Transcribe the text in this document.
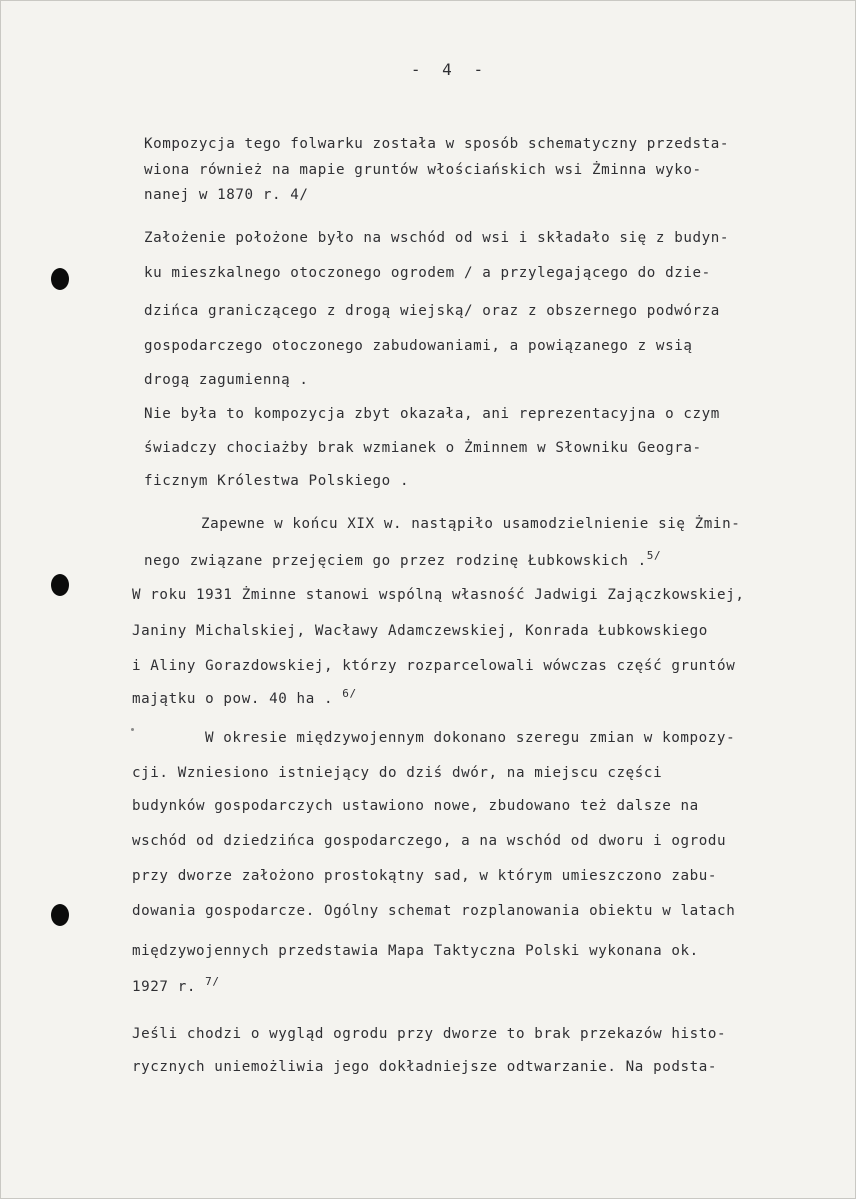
- 4 -
Kompozycja tego folwarku została w sposób schematyczny przedsta-
wiona również na mapie gruntów włościańskich wsi Żminna wyko-
nanej w 1870 r. 4/
Założenie położone było na wschód od wsi i składało się z budyn-
ku mieszkalnego otoczonego ogrodem / a przylegającego do dzie-
dzińca graniczącego z drogą wiejską/ oraz z obszernego podwórza
gospodarczego otoczonego zabudowaniami, a powiązanego z wsią
drogą zagumienną .
Nie była to kompozycja zbyt okazała, ani reprezentacyjna o czym
świadczy chociażby brak wzmianek o Żminnem w Słowniku Geogra-
ficznym Królestwa Polskiego .
Zapewne w końcu XIX w. nastąpiło usamodzielnienie się Żmin-
nego związane przejęciem go przez rodzinę Łubkowskich .$^{5/}$
W roku 1931 Żminne stanowi wspólną własność Jadwigi Zajączkowskiej,
Janiny Michalskiej, Wacławy Adamczewskiej, Konrada Łubkowskiego
i Aliny Gorazdowskiej, którzy rozparcelowali wówczas część gruntów
majątku o pow. 40 ha . $^{6/}$
W okresie międzywojennym dokonano szeregu zmian w kompozy-
cji. Wzniesiono istniejący do dziś dwór, na miejscu części
budynków gospodarczych ustawiono nowe, zbudowano też dalsze na
wschód od dziedzińca gospodarczego, a na wschód od dworu i ogrodu
przy dworze założono prostokątny sad, w którym umieszczono zabu-
dowania gospodarcze. Ogólny schemat rozplanowania obiektu w latach
międzywojennych przedstawia Mapa Taktyczna Polski wykonana ok.
1927 r. $^{7/}$
Jeśli chodzi o wygląd ogrodu przy dworze to brak przekazów histo-
rycznych uniemożliwia jego dokładniejsze odtwarzanie. Na podsta-
